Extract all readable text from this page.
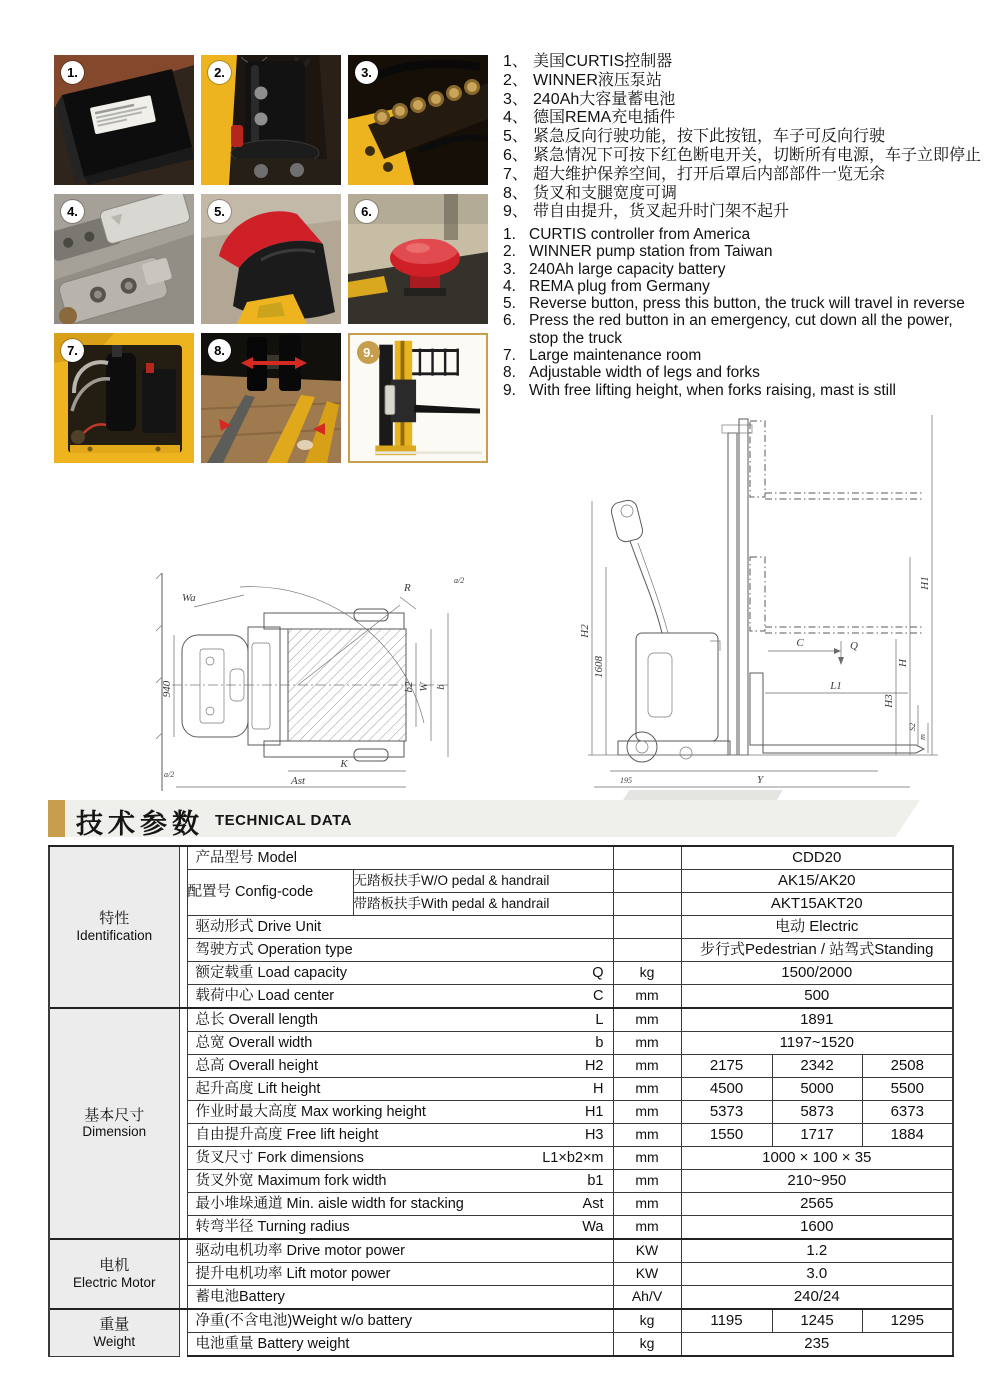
1.	2.	3.
4.	5.	6.
7.	8.	9.
1、 美国CURTIS控制器
2、 WINNER液压泵站
3、 240Ah大容量蓄电池
4、 德国REMA充电插件
5、 紧急反向行驶功能，按下此按钮，车子可反向行驶
6、 紧急情况下可按下红色断电开关，切断所有电源，车子立即停止
7、 超大维护保养空间，打开后罩后内部部件一览无余
8、 货叉和支腿宽度可调
9、 带自由提升，货叉起升时门架不起升
1. CURTIS controller from America
2. WINNER pump station from Taiwan
3. 240Ah large capacity battery
4. REMA plug from Germany
5. Reverse button, press this button, the truck will travel in reverse
6. Press the red button in an emergency, cut down all the power, stop the truck
7. Large maintenance room
8. Adjustable width of legs and forks
9. With free lifting height, when forks raising, mast is still
Wa
R
940	b2 W b
K
Ast
a/2
a/2
H2
1608
H1
H
H3
C	Q
L1
S2
m
195	Y
技术参数 TECHNICAL DATA
特性
Identification		产品型号 Model			CDD20		
		配置号 Config-code	无踏板扶手W/O pedal & handrail		AK15/AK20		
			带踏板扶手With pedal & handrail		AKT15AKT20		

		驱动形式 Drive Unit			电动 Electric		

		驾驶方式 Operation type			步行式Pedestrian / 站驾式Standing		

		额定载重 Load capacity Q		kg	1500/2000		

		载荷中心 Load center C		mm	500		

基本尺寸
Dimension

总长 Overall length	L	mm	1891

		总宽 Overall width b		mm	1197~1520		

		总高 Overall height H2		mm	2175	2342	2508

		起升高度 Lift height H		mm	4500	5000	5500

		作业时最大高度 Max working height H1		mm	5373	5873	6373

		自由提升高度 Free lift height H3		mm	1550	1717	1884

		货叉尺寸 Fork dimensions L1×b2×m		mm	1000 × 100 × 35		

		货叉外宽 Maximum fork width b1		mm	210~950		

		最小堆垛通道 Min. aisle width for stacking Ast		mm	2565		

		转弯半径 Turning radius Wa		mm	1600		

电机
Electric Motor		驱动电机功率 Drive motor power		KW	1.2		

		提升电机功率 Lift motor power		KW	3.0		

		蓄电池Battery		Ah/V	240/24		

重量
Weight		净重(不含电池)Weight w/o battery		kg	1195	1245	1295

		电池重量 Battery weight		kg	235		
